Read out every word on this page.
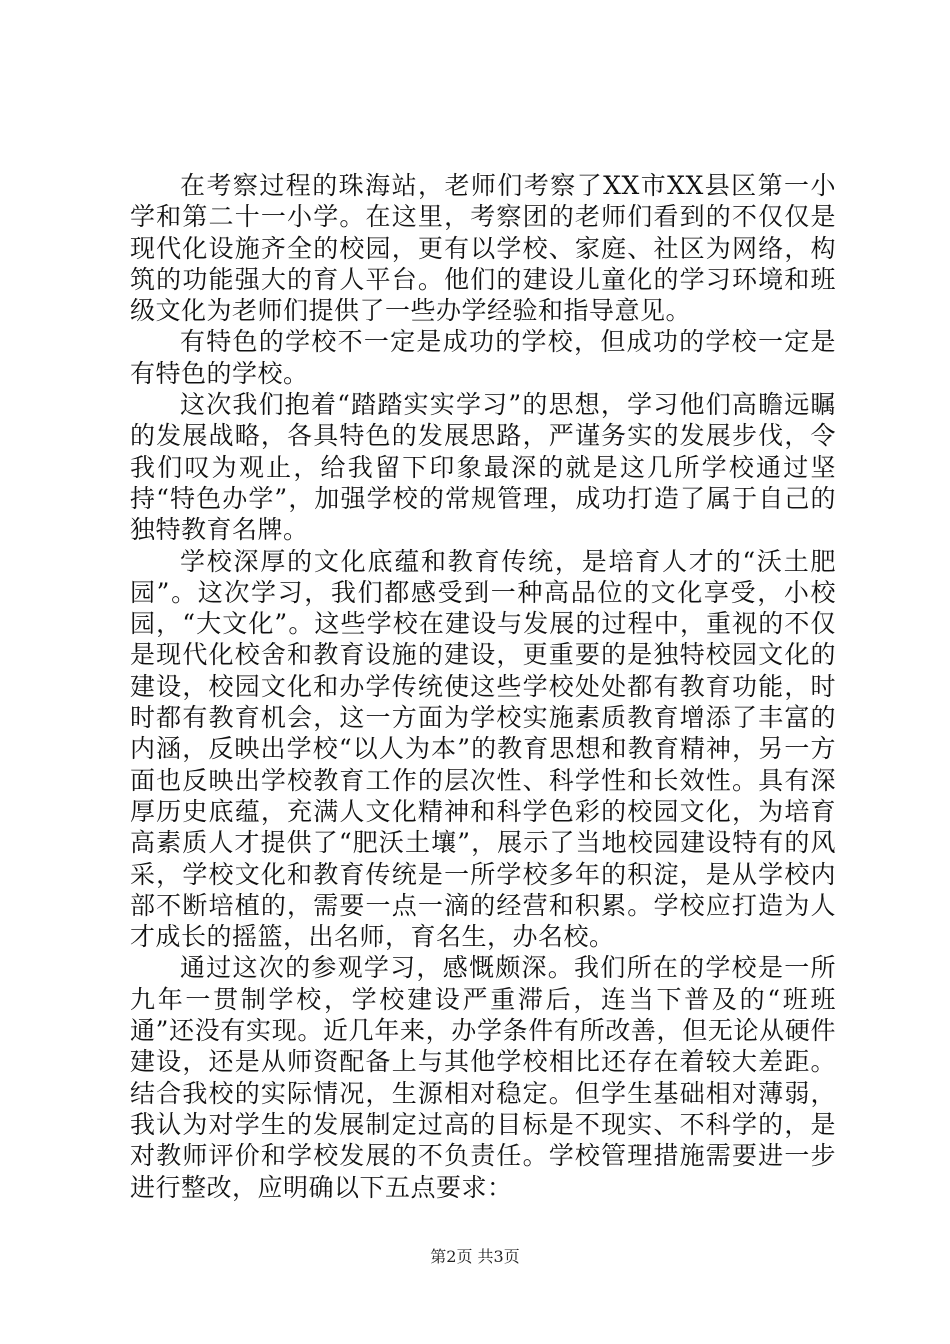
在考察过程的珠海站，老师们考察了XX市XX县区第一小学和第二十一小学。在这里，考察团的老师们看到的不仅仅是现代化设施齐全的校园，更有以学校、家庭、社区为网络，构筑的功能强大的育人平台。他们的建设儿童化的学习环境和班级文化为老师们提供了一些办学经验和指导意见。

有特色的学校不一定是成功的学校，但成功的学校一定是有特色的学校。

这次我们抱着“踏踏实实学习”的思想，学习他们高瞻远瞩的发展战略，各具特色的发展思路，严谨务实的发展步伐，令我们叹为观止，给我留下印象最深的就是这几所学校通过坚持“特色办学”，加强学校的常规管理，成功打造了属于自己的独特教育名牌。

学校深厚的文化底蕴和教育传统，是培育人才的“沃土肥园”。这次学习，我们都感受到一种高品位的文化享受，小校园，“大文化”。这些学校在建设与发展的过程中，重视的不仅是现代化校舍和教育设施的建设，更重要的是独特校园文化的建设，校园文化和办学传统使这些学校处处都有教育功能，时时都有教育机会，这一方面为学校实施素质教育增添了丰富的内涵，反映出学校“以人为本”的教育思想和教育精神，另一方面也反映出学校教育工作的层次性、科学性和长效性。具有深厚历史底蕴，充满人文化精神和科学色彩的校园文化，为培育高素质人才提供了“肥沃土壤”，展示了当地校园建设特有的风采，学校文化和教育传统是一所学校多年的积淀，是从学校内部不断培植的，需要一点一滴的经营和积累。学校应打造为人才成长的摇篮，出名师，育名生，办名校。

通过这次的参观学习，感慨颇深。我们所在的学校是一所九年一贯制学校，学校建设严重滞后，连当下普及的“班班通”还没有实现。近几年来，办学条件有所改善，但无论从硬件建设，还是从师资配备上与其他学校相比还存在着较大差距。结合我校的实际情况，生源相对稳定。但学生基础相对薄弱，我认为对学生的发展制定过高的目标是不现实、不科学的，是对教师评价和学校发展的不负责任。学校管理措施需要进一步进行整改，应明确以下五点要求：

第2页 共3页
